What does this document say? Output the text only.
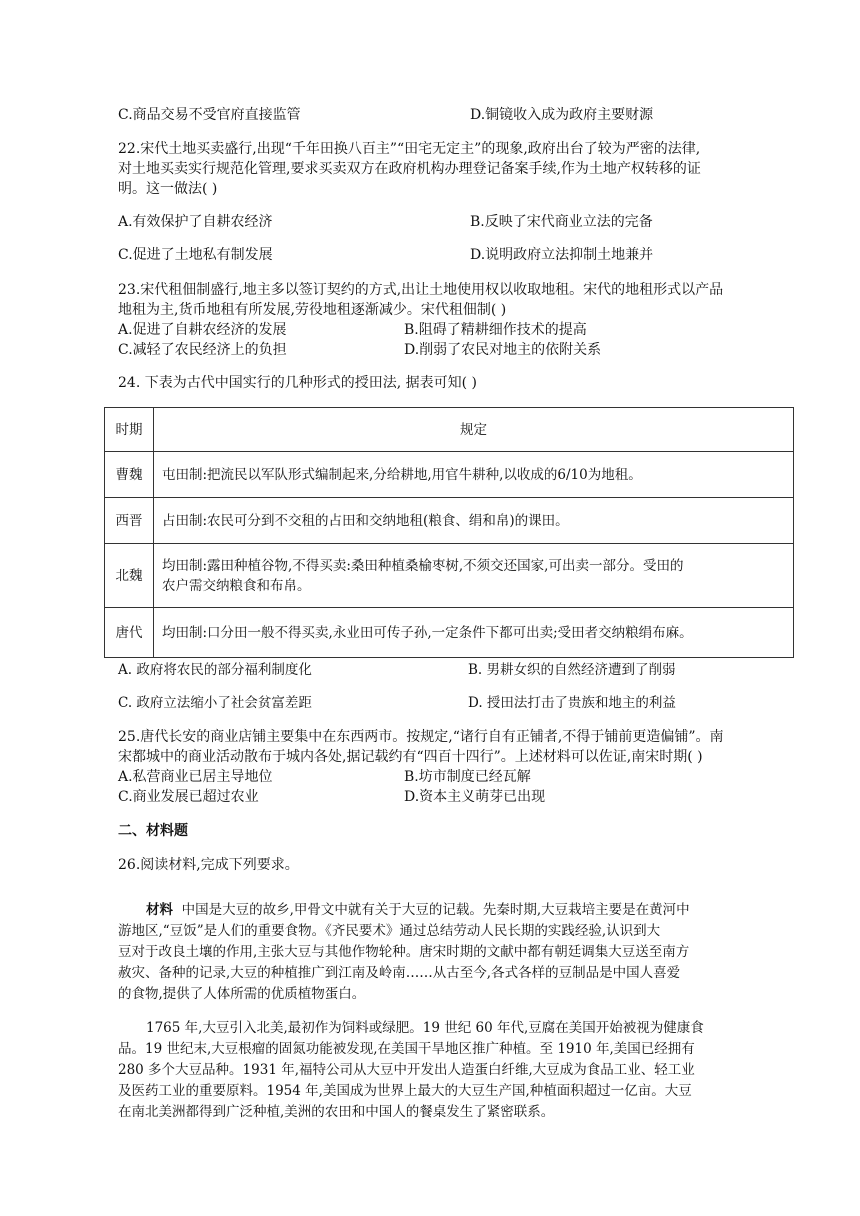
C.商品交易不受官府直接监管	D.铜镜收入成为政府主要财源
22.宋代土地买卖盛行,出现“千年田换八百主”“田宅无定主”的现象,政府出台了较为严密的法律,
对土地买卖实行规范化管理,要求买卖双方在政府机构办理登记备案手续,作为土地产权转移的证
明。这一做法( )
A.有效保护了自耕农经济	B.反映了宋代商业立法的完备
C.促进了土地私有制发展	D.说明政府立法抑制土地兼并
23.宋代租佃制盛行,地主多以签订契约的方式,出让土地使用权以收取地租。宋代的地租形式以产品
地租为主,货币地租有所发展,劳役地租逐渐减少。宋代租佃制( )
A.促进了自耕农经济的发展	B.阻碍了精耕细作技术的提高
C.减轻了农民经济上的负担	D.削弱了农民对地主的依附关系
24. 下表为古代中国实行的几种形式的授田法, 据表可知( )
时期	规定
曹魏	屯田制:把流民以军队形式编制起来,分给耕地,用官牛耕种,以收成的6/10为地租。
西晋	占田制:农民可分到不交租的占田和交纳地租(粮食、绢和帛)的课田。
北魏	均田制:露田种植谷物,不得买卖:桑田种植桑榆枣树,不须交还国家,可出卖一部分。受田的
农户需交纳粮食和布帛。
唐代	均田制:口分田一般不得买卖,永业田可传子孙,一定条件下都可出卖;受田者交纳粮绢布麻。
A. 政府将农民的部分福利制度化	B. 男耕女织的自然经济遭到了削弱
C. 政府立法缩小了社会贫富差距	D. 授田法打击了贵族和地主的利益
25.唐代长安的商业店铺主要集中在东西两市。按规定,“诸行自有正铺者,不得于铺前更造偏铺”。南
宋都城中的商业活动散布于城内各处,据记载约有“四百十四行”。上述材料可以佐证,南宋时期( )
A.私营商业已居主导地位	B.坊市制度已经瓦解
C.商业发展已超过农业	D.资本主义萌芽已出现
二、材料题
26.阅读材料,完成下列要求。
材料 中国是大豆的故乡,甲骨文中就有关于大豆的记载。先秦时期,大豆栽培主要是在黄河中
游地区,“豆饭”是人们的重要食物。《齐民要术》通过总结劳动人民长期的实践经验,认识到大
豆对于改良土壤的作用,主张大豆与其他作物轮种。唐宋时期的文献中都有朝廷调集大豆送至南方
赦灾、备种的记录,大豆的种植推广到江南及岭南……从古至今,各式各样的豆制品是中国人喜爱
的食物,提供了人体所需的优质植物蛋白。
1765 年,大豆引入北美,最初作为饲料或绿肥。19 世纪 60 年代,豆腐在美国开始被视为健康食
品。19 世纪末,大豆根瘤的固氮功能被发现,在美国干旱地区推广种植。至 1910 年,美国已经拥有
280 多个大豆品种。1931 年,福特公司从大豆中开发出人造蛋白纤维,大豆成为食品工业、轻工业
及医药工业的重要原料。1954 年,美国成为世界上最大的大豆生产国,种植面积超过一亿亩。大豆
在南北美洲都得到广泛种植,美洲的农田和中国人的餐桌发生了紧密联系。
